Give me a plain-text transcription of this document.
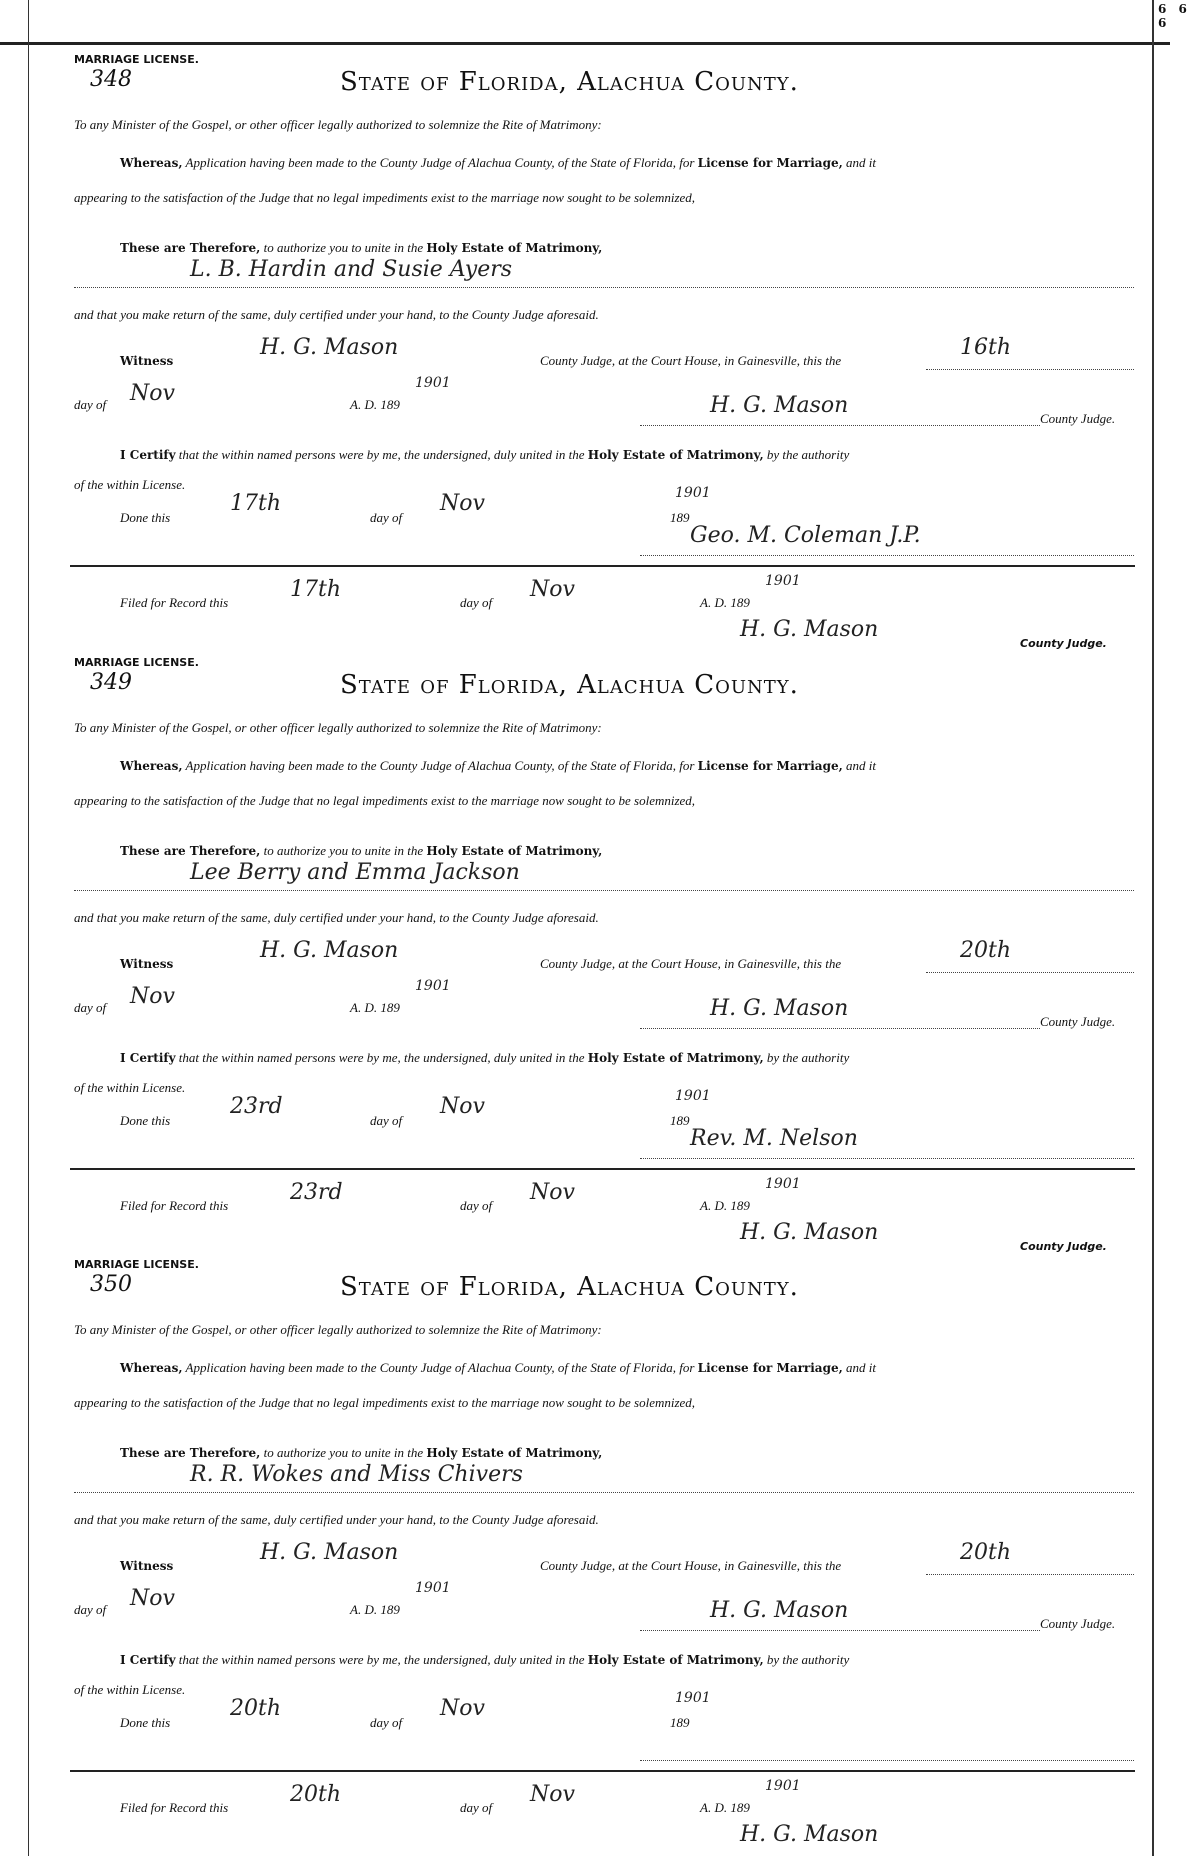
6 6 6
MARRIAGE LICENSE.
348	State of Florida, Alachua County.
To any Minister of the Gospel, or other officer legally authorized to solemnize the Rite of Matrimony:
Whereas, Application having been made to the County Judge of Alachua County, of the State of Florida, for License for Marriage, and it
appearing to the satisfaction of the Judge that no legal impediments exist to the marriage now sought to be solemnized,
These are Therefore, to authorize you to unite in the Holy Estate of Matrimony,
L. B. Hardin and Susie Ayers
and that you make return of the same, duly certified under your hand, to the County Judge aforesaid.
Witness
H. G. Mason
County Judge, at the Court House, in Gainesville, this the
16th
day of Nov	A. D. 189
1901
H. G. Mason
County Judge.
I Certify that the within named persons were by me, the undersigned, duly united in the Holy Estate of Matrimony, by the authority
of the within License.
Done this
17th
day of
Nov
189
1901
Geo. M. Coleman J.P.
Filed for Record this
17th
day of
Nov
A. D. 189
1901
H. G. Mason
County Judge.
MARRIAGE LICENSE.
349	State of Florida, Alachua County.
To any Minister of the Gospel, or other officer legally authorized to solemnize the Rite of Matrimony:
Whereas, Application having been made to the County Judge of Alachua County, of the State of Florida, for License for Marriage, and it
appearing to the satisfaction of the Judge that no legal impediments exist to the marriage now sought to be solemnized,
These are Therefore, to authorize you to unite in the Holy Estate of Matrimony,
Lee Berry and Emma Jackson
and that you make return of the same, duly certified under your hand, to the County Judge aforesaid.
Witness
H. G. Mason
County Judge, at the Court House, in Gainesville, this the
20th
day of Nov	A. D. 189
1901
H. G. Mason
County Judge.
I Certify that the within named persons were by me, the undersigned, duly united in the Holy Estate of Matrimony, by the authority
of the within License.
Done this
23rd
day of
Nov
189
1901
Rev. M. Nelson
Filed for Record this
23rd
day of
Nov
A. D. 189
1901
H. G. Mason
County Judge.
MARRIAGE LICENSE.
350	State of Florida, Alachua County.
To any Minister of the Gospel, or other officer legally authorized to solemnize the Rite of Matrimony:
Whereas, Application having been made to the County Judge of Alachua County, of the State of Florida, for License for Marriage, and it
appearing to the satisfaction of the Judge that no legal impediments exist to the marriage now sought to be solemnized,
These are Therefore, to authorize you to unite in the Holy Estate of Matrimony,
R. R. Wokes and Miss Chivers
and that you make return of the same, duly certified under your hand, to the County Judge aforesaid.
Witness
H. G. Mason
County Judge, at the Court House, in Gainesville, this the
20th
day of Nov	A. D. 189
1901
H. G. Mason
County Judge.
I Certify that the within named persons were by me, the undersigned, duly united in the Holy Estate of Matrimony, by the authority
of the within License.
Done this
20th
day of
Nov
189
1901
Filed for Record this
20th
day of
Nov
A. D. 189
1901
H. G. Mason
